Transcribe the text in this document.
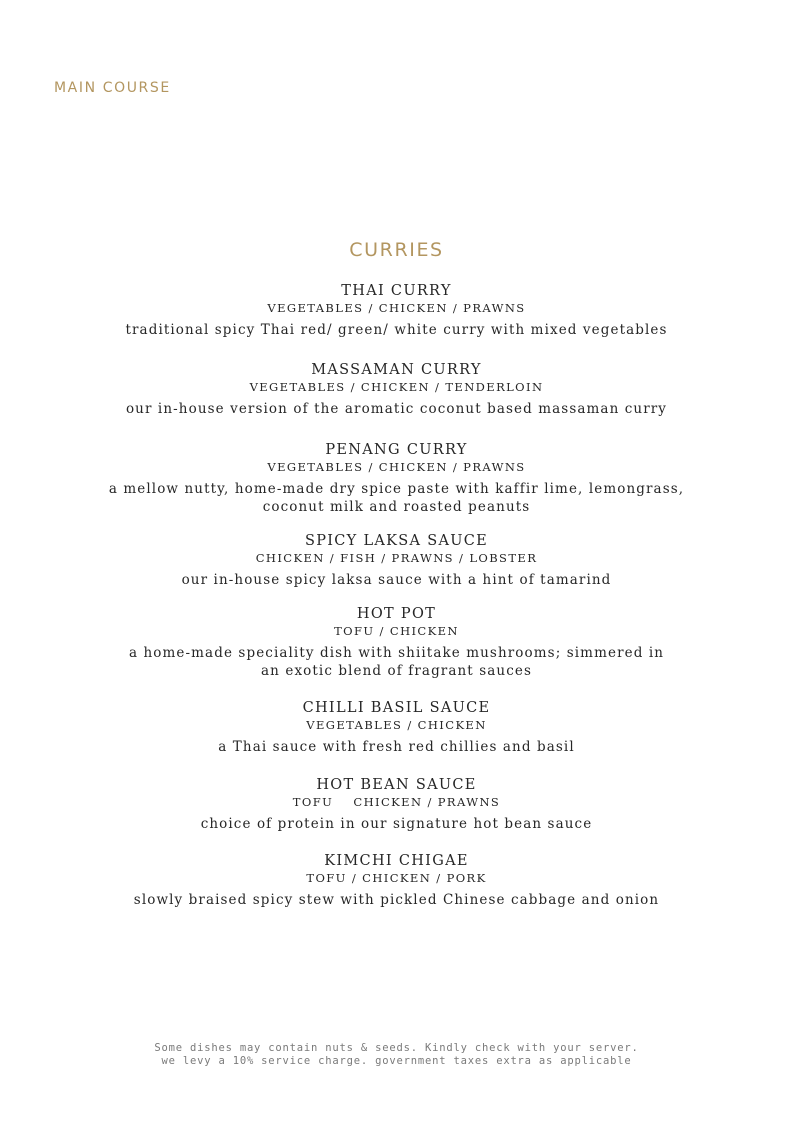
MAIN COURSE
CURRIES
THAI CURRY
VEGETABLES / CHICKEN / PRAWNS
traditional spicy Thai red/ green/ white curry with mixed vegetables
MASSAMAN CURRY
VEGETABLES / CHICKEN / TENDERLOIN
our in-house version of the aromatic coconut based massaman curry
PENANG CURRY
VEGETABLES / CHICKEN / PRAWNS
a mellow nutty, home-made dry spice paste with kaffir lime, lemongrass,
coconut milk and roasted peanuts
SPICY LAKSA SAUCE
CHICKEN / FISH / PRAWNS / LOBSTER
our in-house spicy laksa sauce with a hint of tamarind
HOT POT
TOFU / CHICKEN
a home-made speciality dish with shiitake mushrooms; simmered in
an exotic blend of fragrant sauces
CHILLI BASIL SAUCE
VEGETABLES / CHICKEN
a Thai sauce with fresh red chillies and basil
HOT BEAN SAUCE
TOFU    CHICKEN / PRAWNS
choice of protein in our signature hot bean sauce
KIMCHI CHIGAE
TOFU / CHICKEN / PORK
slowly braised spicy stew with pickled Chinese cabbage and onion
Some dishes may contain nuts & seeds. Kindly check with your server.
we levy a 10% service charge. government taxes extra as applicable
